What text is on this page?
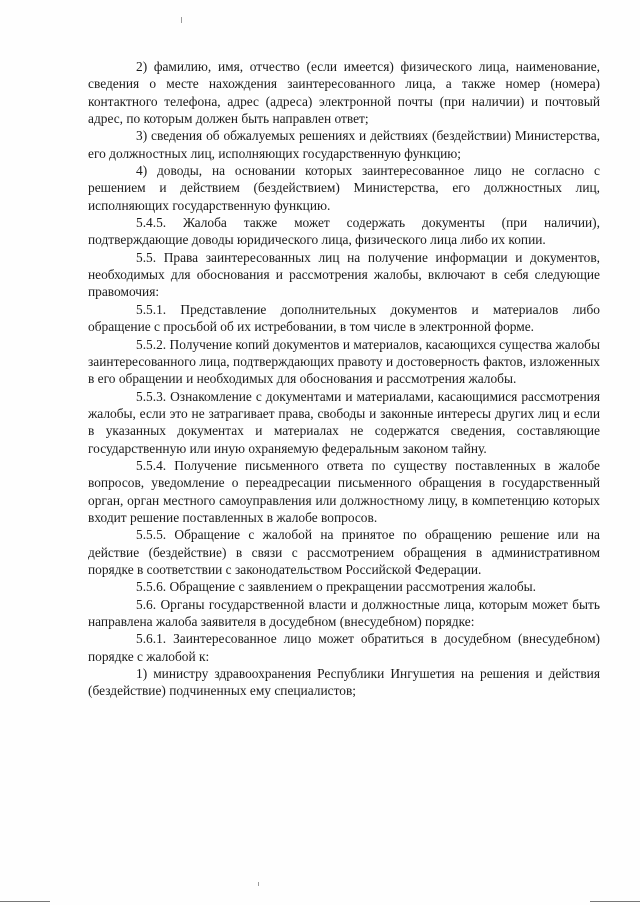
2) фамилию, имя, отчество (если имеется) физического лица, наименование, сведения о месте нахождения заинтересованного лица, а также номер (номера) контактного телефона, адрес (адреса) электронной почты (при наличии) и почтовый адрес, по которым должен быть направлен ответ;

3) сведения об обжалуемых решениях и действиях (бездействии) Министерства, его должностных лиц, исполняющих государственную функцию;

4) доводы, на основании которых заинтересованное лицо не согласно с решением и действием (бездействием) Министерства, его должностных лиц, исполняющих государственную функцию.

5.4.5. Жалоба также может содержать документы (при наличии), подтверждающие доводы юридического лица, физического лица либо их копии.

5.5. Права заинтересованных лиц на получение информации и документов, необходимых для обоснования и рассмотрения жалобы, включают в себя следующие правомочия:

5.5.1. Представление дополнительных документов и материалов либо обращение с просьбой об их истребовании, в том числе в электронной форме.

5.5.2. Получение копий документов и материалов, касающихся существа жалобы заинтересованного лица, подтверждающих правоту и достоверность фактов, изложенных в его обращении и необходимых для обоснования и рассмотрения жалобы.

5.5.3. Ознакомление с документами и материалами, касающимися рассмотрения жалобы, если это не затрагивает права, свободы и законные интересы других лиц и если в указанных документах и материалах не содержатся сведения, составляющие государственную или иную охраняемую федеральным законом тайну.

5.5.4. Получение письменного ответа по существу поставленных в жалобе вопросов, уведомление о переадресации письменного обращения в государственный орган, орган местного самоуправления или должностному лицу, в компетенцию которых входит решение поставленных в жалобе вопросов.

5.5.5. Обращение с жалобой на принятое по обращению решение или на действие (бездействие) в связи с рассмотрением обращения в административном порядке в соответствии с законодательством Российской Федерации.

5.5.6. Обращение с заявлением о прекращении рассмотрения жалобы.

5.6. Органы государственной власти и должностные лица, которым может быть направлена жалоба заявителя в досудебном (внесудебном) порядке:

5.6.1. Заинтересованное лицо может обратиться в досудебном (внесудебном) порядке с жалобой к:

1) министру здравоохранения Республики Ингушетия на решения и действия (бездействие) подчиненных ему специалистов;
